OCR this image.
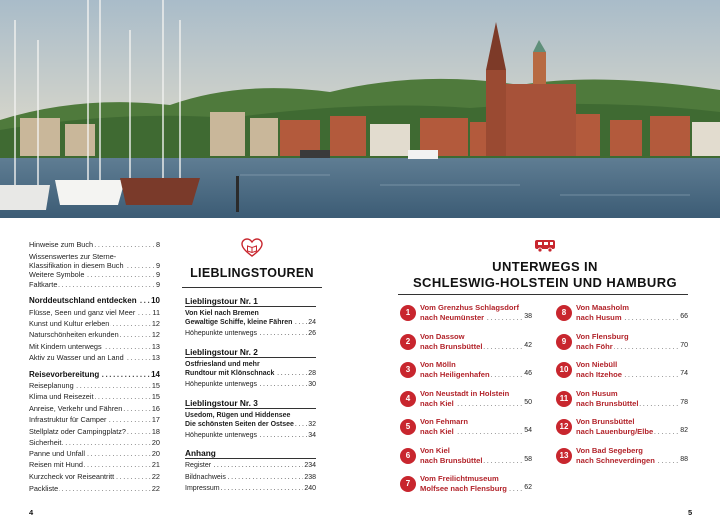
..... Hinweise zum Buch	8
Wissenswertes zur Sterne-
..... Klassifikation in diesem Buch	9
..... Weitere Symbole	9
..... Faltkarte	9
..... Norddeutschland entdecken 10
..... Flüsse, Seen und ganz viel Meer 11
..... Kunst und Kultur erleben	12
..... Naturschönheiten erkunden	12
..... Mit Kindern unterwegs	13
..... Aktiv zu Wasser und an Land	13
..... Reisevorbereitung	14
..... Reiseplanung	15
..... Klima und Reisezeit	15
..... Anreise, Verkehr und Fähren	16
..... Infrastruktur für Camper	17
..... Stellplatz oder Campingplatz?	18
..... Sicherheit	20
..... Panne und Unfall	20
..... Reisen mit Hund	21
..... Kurzcheck vor Reiseantritt	22
..... Packliste	22
LIEBLINGSTOUREN
Lieblingstour Nr. 1
Von Kiel nach Bremen
..... Gewaltige Schiffe, kleine Fähren 24
..... Höhepunkte unterwegs	26
Lieblingstour Nr. 2
Ostfriesland und mehr
..... Rundtour mit Klönschnack	28
..... Höhepunkte unterwegs	30
Lieblingstour Nr. 3
Usedom, Rügen und Hiddensee
..... Die schönsten Seiten der Ostsee 32
..... Höhepunkte unterwegs	34
Anhang
..... Register	234
..... Bildnachweis	238
..... Impressum	240
UNTERWEGS IN
SCHLESWIG-HOLSTEIN UND HAMBURG
1
Vom Grenzhus Schlagsdorf
..... nach Neumünster	38
2
Von Dassow
..... nach Brunsbüttel	42
3
Von Mölln
..... nach Heiligenhafen	46
4
Von Neustadt in Holstein
..... nach Kiel	50
5
Von Fehmarn
..... nach Kiel	54
6
Von Kiel
..... nach Brunsbüttel	58
7
Vom Freilichtmuseum
..... Molfsee nach Flensburg 62
8
Von Maasholm
..... nach Husum	66
9
Von Flensburg
..... nach Föhr	70
10
Von Niebüll
..... nach Itzehoe	74
11
Von Husum
..... nach Brunsbüttel	78
12
Von Brunsbüttel
..... nach Lauenburg/Elbe	82
13
Von Bad Segeberg
..... nach Schneverdingen	88
4	5
